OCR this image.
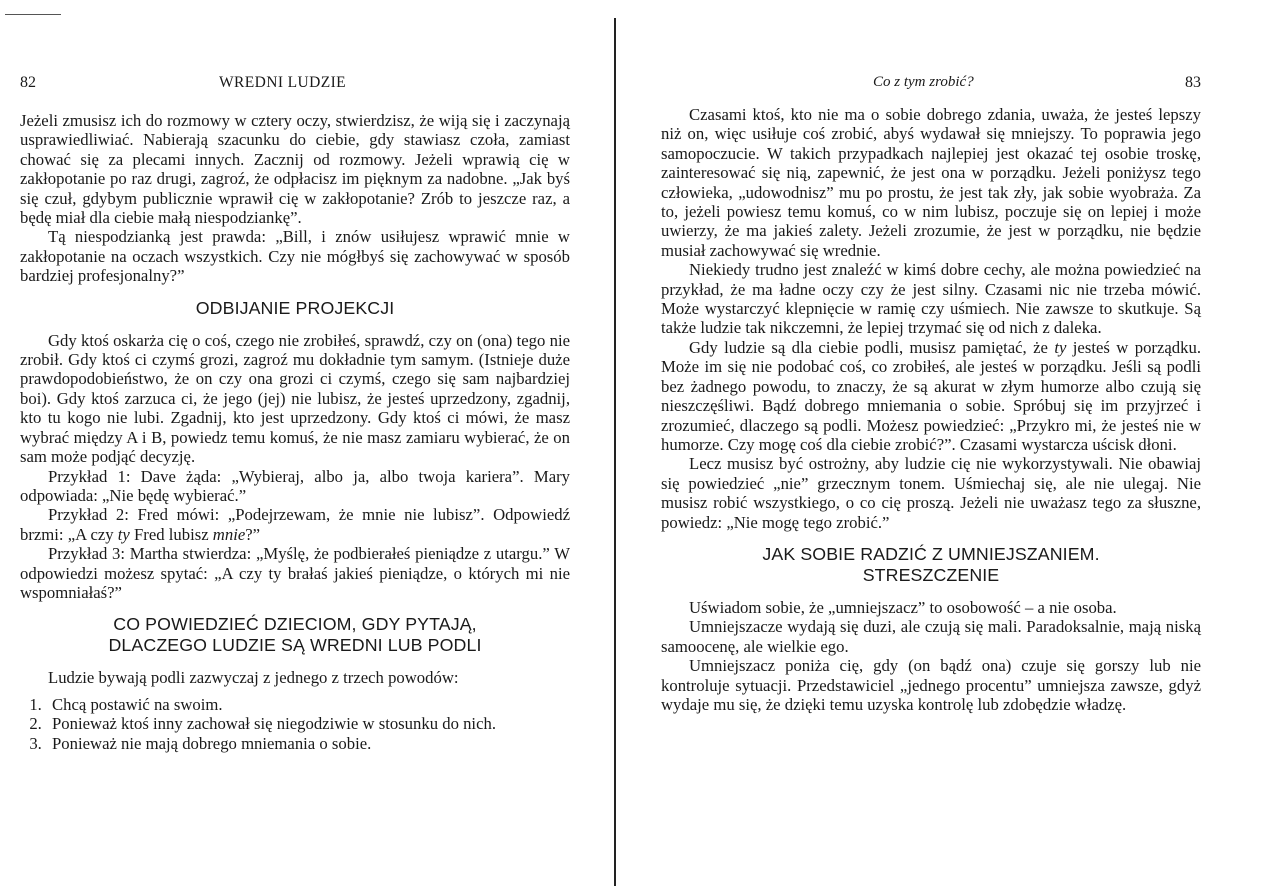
82	WREDNI LUDZIE

Jeżeli zmusisz ich do rozmowy w cztery oczy, stwierdzisz, że wiją się i zaczynają usprawiedliwiać. Nabierają szacunku do ciebie, gdy stawiasz czoła, zamiast chować się za plecami innych. Zacznij od rozmowy. Jeżeli wprawią cię w zakłopotanie po raz drugi, zagroź, że odpłacisz im pięknym za nadobne. „Jak byś się czuł, gdybym publicznie wprawił cię w zakłopotanie? Zrób to jeszcze raz, a będę miał dla ciebie małą niespodziankę”.

Tą niespodzianką jest prawda: „Bill, i znów usiłujesz wprawić mnie w zakłopotanie na oczach wszystkich. Czy nie mógłbyś się zachowywać w sposób bardziej profesjonalny?”

ODBIJANIE PROJEKCJI

Gdy ktoś oskarża cię o coś, czego nie zrobiłeś, sprawdź, czy on (ona) tego nie zrobił. Gdy ktoś ci czymś grozi, zagroź mu dokładnie tym samym. (Istnieje duże prawdopodobieństwo, że on czy ona grozi ci czymś, czego się sam najbardziej boi). Gdy ktoś zarzuca ci, że jego (jej) nie lubisz, że jesteś uprzedzony, zgadnij, kto tu kogo nie lubi. Zgadnij, kto jest uprzedzony. Gdy ktoś ci mówi, że masz wybrać między A i B, powiedz temu komuś, że nie masz zamiaru wybierać, że on sam może podjąć decyzję.

Przykład 1: Dave żąda: „Wybieraj, albo ja, albo twoja kariera”. Mary odpowiada: „Nie będę wybierać.”

Przykład 2: Fred mówi: „Podejrzewam, że mnie nie lubisz”. Odpowiedź brzmi: „A czy ty Fred lubisz mnie?”

Przykład 3: Martha stwierdza: „Myślę, że podbierałeś pieniądze z utargu.” W odpowiedzi możesz spytać: „A czy ty brałaś jakieś pieniądze, o których mi nie wspomniałaś?”

CO POWIEDZIEĆ DZIECIOM, GDY PYTAJĄ,
DLACZEGO LUDZIE SĄ WREDNI LUB PODLI

Ludzie bywają podli zazwyczaj z jednego z trzech powodów:

1. Chcą postawić na swoim.
2. Ponieważ ktoś inny zachował się niegodziwie w stosunku do nich.
3. Ponieważ nie mają dobrego mniemania o sobie.
Co z tym zrobić?	83

Czasami ktoś, kto nie ma o sobie dobrego zdania, uważa, że jesteś lepszy niż on, więc usiłuje coś zrobić, abyś wydawał się mniejszy. To poprawia jego samopoczucie. W takich przypadkach najlepiej jest okazać tej osobie troskę, zainteresować się nią, zapewnić, że jest ona w porządku. Jeżeli poniżysz tego człowieka, „udowodnisz” mu po prostu, że jest tak zły, jak sobie wyobraża. Za to, jeżeli powiesz temu komuś, co w nim lubisz, poczuje się on lepiej i może uwierzy, że ma jakieś zalety. Jeżeli zrozumie, że jest w porządku, nie będzie musiał zachowywać się wrednie.

Niekiedy trudno jest znaleźć w kimś dobre cechy, ale można powiedzieć na przykład, że ma ładne oczy czy że jest silny. Czasami nic nie trzeba mówić. Może wystarczyć klepnięcie w ramię czy uśmiech. Nie zawsze to skutkuje. Są także ludzie tak nikczemni, że lepiej trzymać się od nich z daleka.

Gdy ludzie są dla ciebie podli, musisz pamiętać, że ty jesteś w porządku. Może im się nie podobać coś, co zrobiłeś, ale jesteś w porządku. Jeśli są podli bez żadnego powodu, to znaczy, że są akurat w złym humorze albo czują się nieszczęśliwi. Bądź dobrego mniemania o sobie. Spróbuj się im przyjrzeć i zrozumieć, dlaczego są podli. Możesz powiedzieć: „Przykro mi, że jesteś nie w humorze. Czy mogę coś dla ciebie zrobić?”. Czasami wystarcza uścisk dłoni.

Lecz musisz być ostrożny, aby ludzie cię nie wykorzystywali. Nie obawiaj się powiedzieć „nie” grzecznym tonem. Uśmiechaj się, ale nie ulegaj. Nie musisz robić wszystkiego, o co cię proszą. Jeżeli nie uważasz tego za słuszne, powiedz: „Nie mogę tego zrobić.”

JAK SOBIE RADZIĆ Z UMNIEJSZANIEM.
STRESZCZENIE

Uświadom sobie, że „umniejszacz” to osobowość – a nie osoba.

Umniejszacze wydają się duzi, ale czują się mali. Paradoksalnie, mają niską samoocenę, ale wielkie ego.

Umniejszacz poniża cię, gdy (on bądź ona) czuje się gorszy lub nie kontroluje sytuacji. Przedstawiciel „jednego procentu” umniejsza zawsze, gdyż wydaje mu się, że dzięki temu uzyska kontrolę lub zdobędzie władzę.
